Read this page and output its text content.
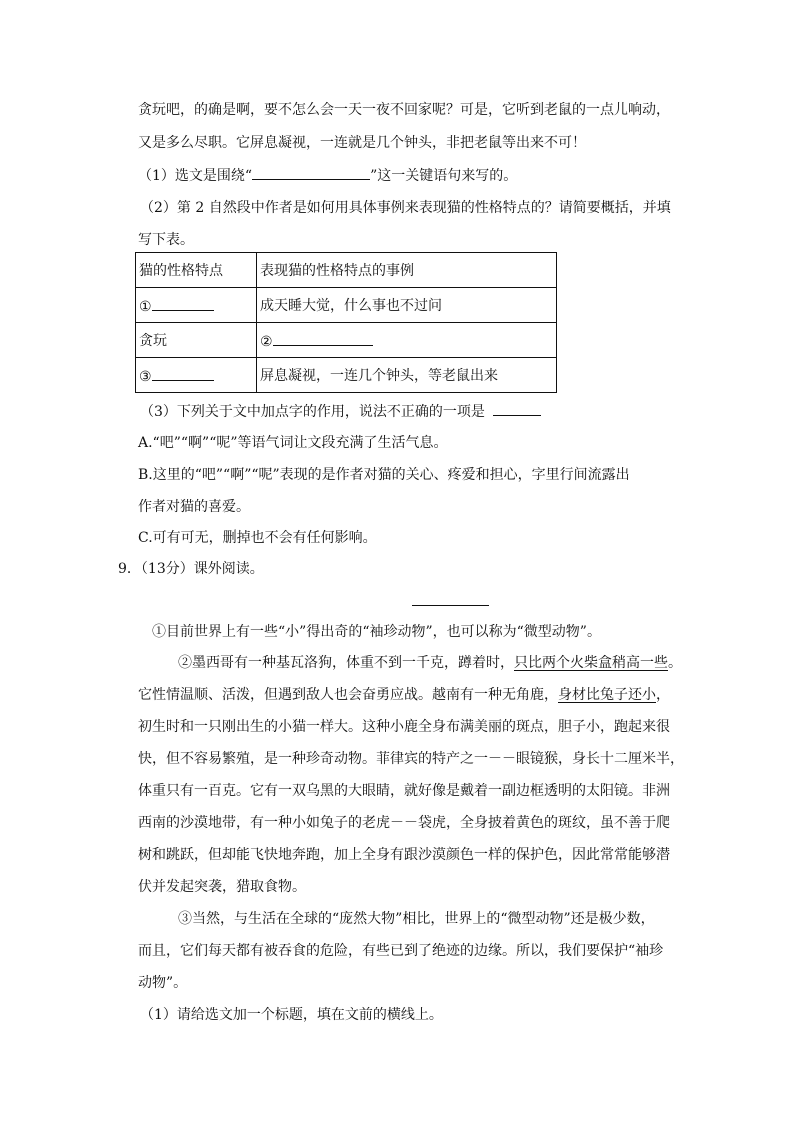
贪玩吧，的确是啊，要不怎么会一天一夜不回家呢？可是，它听到老鼠的一点儿响动，
又是多么尽职。它屏息凝视，一连就是几个钟头，非把老鼠等出来不可！
（1）选文是围绕“	”这一关键语句来写的。
（2）第 2 自然段中作者是如何用具体事例来表现猫的性格特点的？请简要概括，并填
写下表。
猫的性格特点	表现猫的性格特点的事例
①	成天睡大觉，什么事也不过问
贪玩	②
③	屏息凝视，一连几个钟头，等老鼠出来
（3）下列关于文中加点字的作用，说法不正确的一项是
A.“吧”“啊”“呢”等语气词让文段充满了生活气息。
B.这里的“吧”“啊”“呢”表现的是作者对猫的关心、疼爱和担心，字里行间流露出
作者对猫的喜爱。
C.可有可无，删掉也不会有任何影响。
9．（13分）课外阅读。
①目前世界上有一些“小”得出奇的“袖珍动物”，也可以称为“微型动物”。
②墨西哥有一种基瓦洛狗，体重不到一千克，蹲着时，只比两个火柴盒稍高一些。
它性情温顺、活泼，但遇到敌人也会奋勇应战。越南有一种无角鹿，身材比兔子还小，
初生时和一只刚出生的小猫一样大。这种小鹿全身布满美丽的斑点，胆子小，跑起来很
快，但不容易繁殖，是一种珍奇动物。菲律宾的特产之一－－眼镜猴，身长十二厘米半，
体重只有一百克。它有一双乌黑的大眼睛，就好像是戴着一副边框透明的太阳镜。非洲
西南的沙漠地带，有一种小如兔子的老虎－－袋虎，全身披着黄色的斑纹，虽不善于爬
树和跳跃，但却能飞快地奔跑，加上全身有跟沙漠颜色一样的保护色，因此常常能够潜
伏并发起突袭，猎取食物。
③当然，与生活在全球的“庞然大物”相比，世界上的“微型动物”还是极少数，
而且，它们每天都有被吞食的危险，有些已到了绝迹的边缘。所以，我们要保护“袖珍
动物”。
（1）请给选文加一个标题，填在文前的横线上。
